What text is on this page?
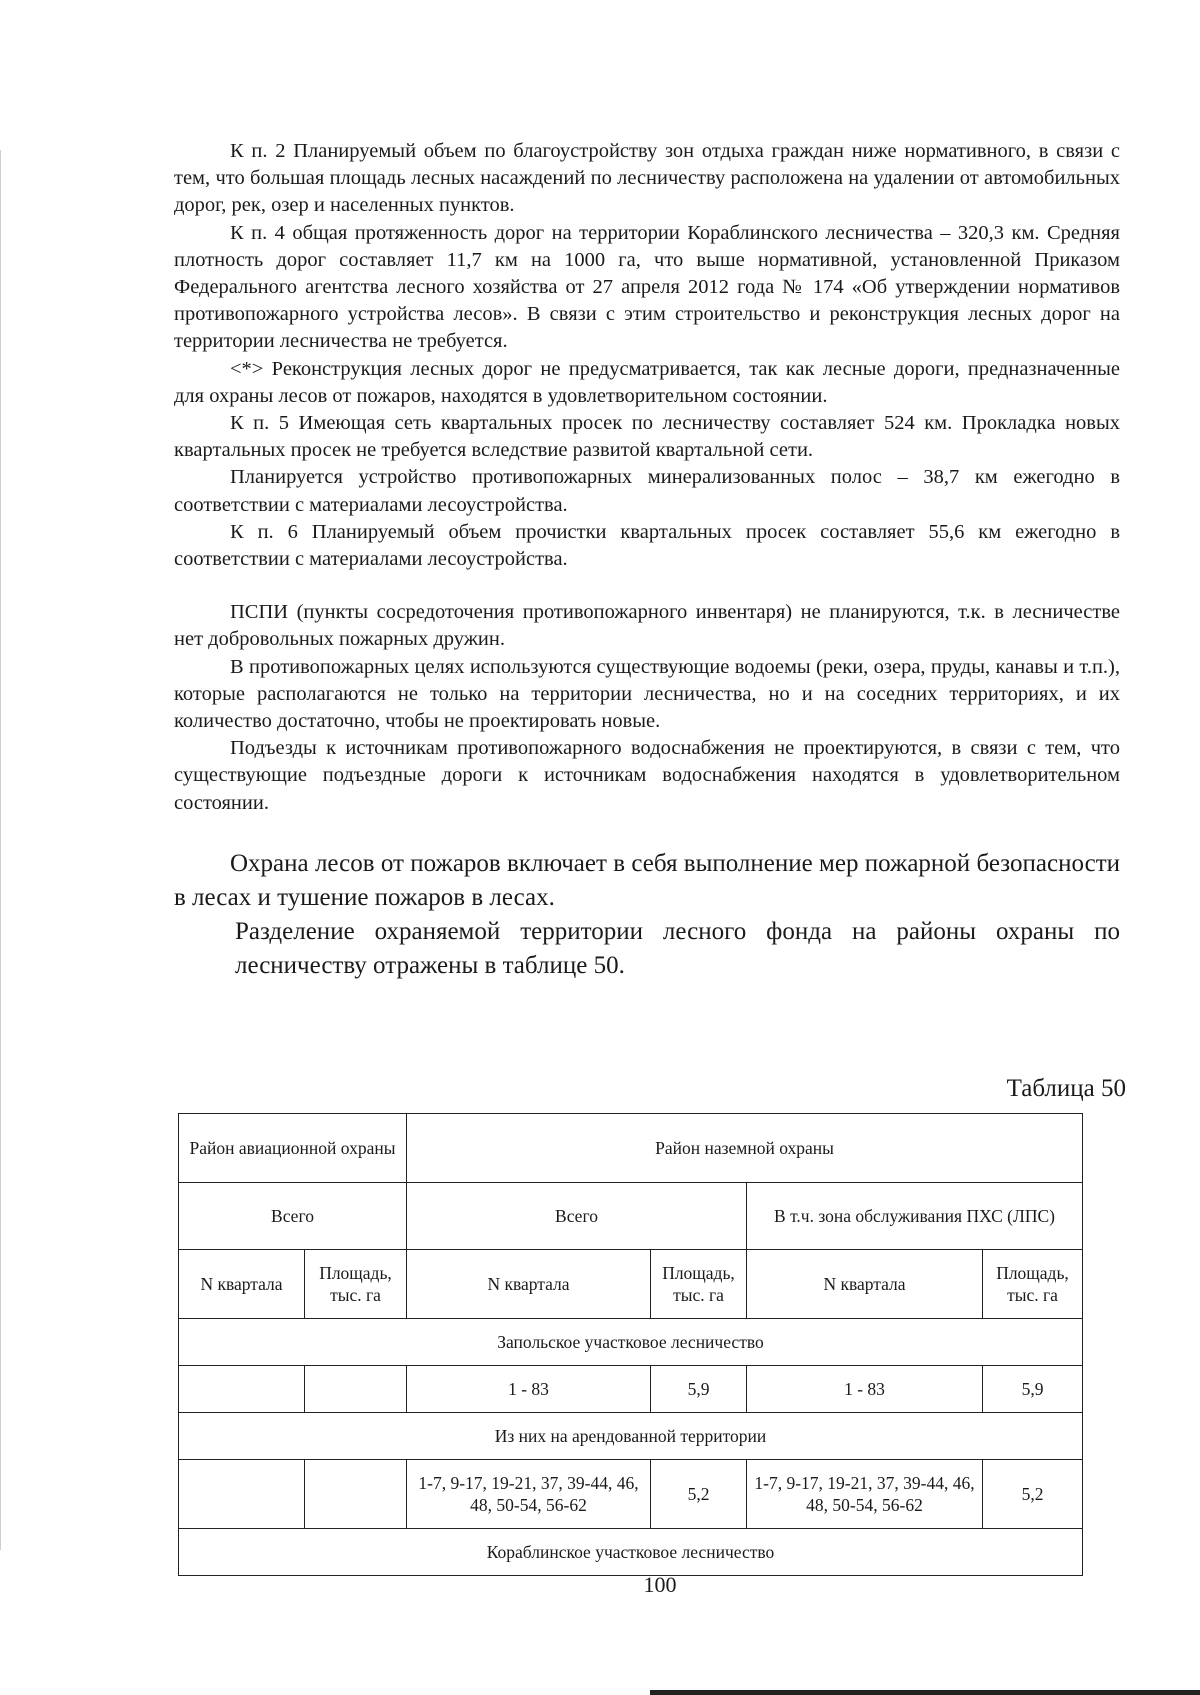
К п. 2 Планируемый объем по благоустройству зон отдыха граждан ниже нормативного, в связи с тем, что большая площадь лесных насаждений по лесничеству расположена на удалении от автомобильных дорог, рек, озер и населенных пунктов.

К п. 4 общая протяженность дорог на территории Кораблинского лесничества – 320,3 км. Средняя плотность дорог составляет 11,7 км на 1000 га, что выше нормативной, установленной Приказом Федерального агентства лесного хозяйства от 27 апреля 2012 года № 174 «Об утверждении нормативов противопожарного устройства лесов». В связи с этим строительство и реконструкция лесных дорог на территории лесничества не требуется.

<*> Реконструкция лесных дорог не предусматривается, так как лесные дороги, предназначенные для охраны лесов от пожаров, находятся в удовлетворительном состоянии.

К п. 5 Имеющая сеть квартальных просек по лесничеству составляет 524 км. Прокладка новых квартальных просек не требуется вследствие развитой квартальной сети.

Планируется устройство противопожарных минерализованных полос – 38,7 км ежегодно в соответствии с материалами лесоустройства.

К п. 6 Планируемый объем прочистки квартальных просек составляет 55,6 км ежегодно в соответствии с материалами лесоустройства.

ПСПИ (пункты сосредоточения противопожарного инвентаря) не планируются, т.к. в лесничестве нет добровольных пожарных дружин.

В противопожарных целях используются существующие водоемы (реки, озера, пруды, канавы и т.п.), которые располагаются не только на территории лесничества, но и на соседних территориях, и их количество достаточно, чтобы не проектировать новые.

Подъезды к источникам противопожарного водоснабжения не проектируются, в связи с тем, что существующие подъездные дороги к источникам водоснабжения находятся в удовлетворительном состоянии.

Охрана лесов от пожаров включает в себя выполнение мер пожарной безопасности в лесах и тушение пожаров в лесах.

Разделение охраняемой территории лесного фонда на районы охраны по лесничеству отражены в таблице 50.

Таблица 50
Район авиационной охраны		Район наземной охраны			
Всего		Всего		В т.ч. зона обслуживания ПХС (ЛПС)	
N квартала	Площадь, тыс. га	N квартала	Площадь, тыс. га	N квартала	Площадь, тыс. га
Запольское участковое лесничество					
		1 - 83	5,9	1 - 83	5,9
Из них на арендованной территории					
		1-7, 9-17, 19-21, 37, 39-44, 46, 48, 50-54, 56-62	5,2	1-7, 9-17, 19-21, 37, 39-44, 46, 48, 50-54, 56-62	5,2
Кораблинское участковое лесничество					
100
